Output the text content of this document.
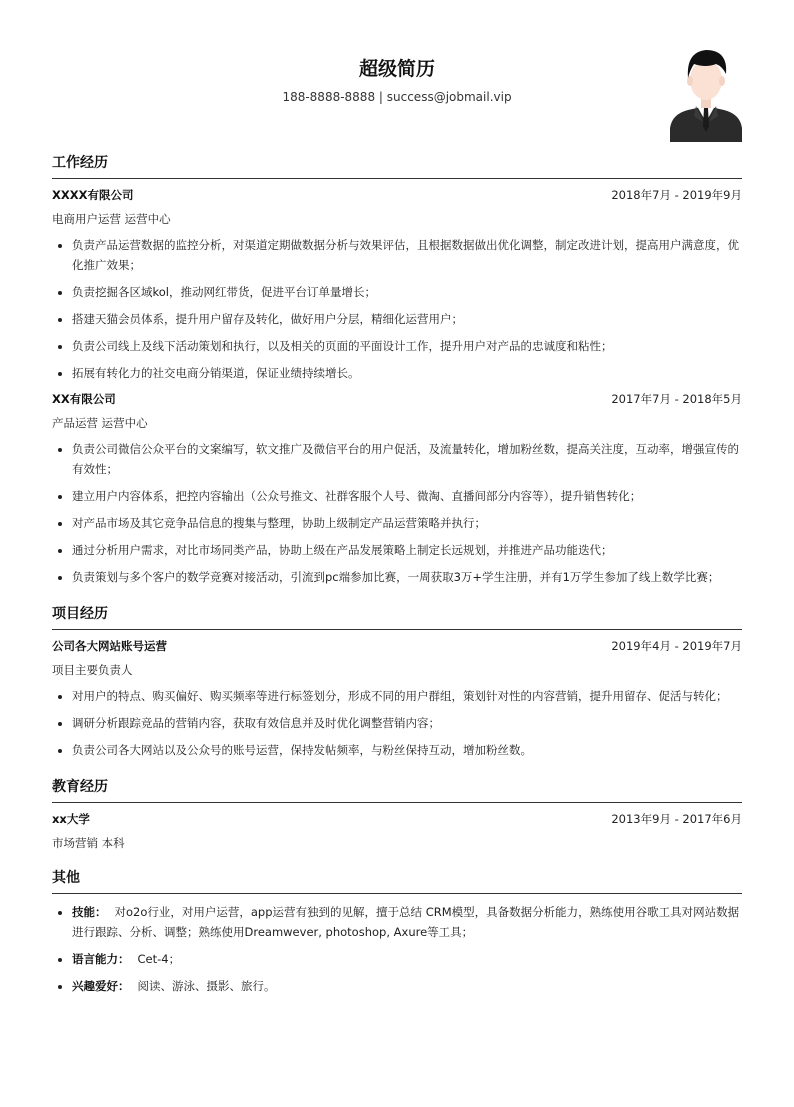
超级简历
188-8888-8888 | success@jobmail.vip
工作经历
XXXX有限公司	2018年7月 - 2019年9月
电商用户运营 运营中心
• 负责产品运营数据的监控分析，对渠道定期做数据分析与效果评估，且根据数据做出优化调整，制定改进计划，提高用户满意度，优化推广效果；
• 负责挖掘各区域kol，推动网红带货，促进平台订单量增长；
• 搭建天猫会员体系，提升用户留存及转化，做好用户分层，精细化运营用户；
• 负责公司线上及线下活动策划和执行，以及相关的页面的平面设计工作，提升用户对产品的忠诚度和粘性；
• 拓展有转化力的社交电商分销渠道，保证业绩持续增长。
XX有限公司	2017年7月 - 2018年5月
产品运营 运营中心
• 负责公司微信公众平台的文案编写，软文推广及微信平台的用户促活，及流量转化，增加粉丝数，提高关注度，互动率，增强宣传的有效性；
• 建立用户内容体系，把控内容输出（公众号推文、社群客服个人号、微淘、直播间部分内容等），提升销售转化；
• 对产品市场及其它竞争品信息的搜集与整理，协助上级制定产品运营策略并执行；
• 通过分析用户需求，对比市场同类产品，协助上级在产品发展策略上制定长远规划，并推进产品功能迭代；
• 负责策划与多个客户的数学竞赛对接活动，引流到pc端参加比赛，一周获取3万+学生注册，并有1万学生参加了线上数学比赛；
项目经历
公司各大网站账号运营	2019年4月 - 2019年7月
项目主要负责人
• 对用户的特点、购买偏好、购买频率等进行标签划分，形成不同的用户群组，策划针对性的内容营销，提升用留存、促活与转化；
• 调研分析跟踪竞品的营销内容，获取有效信息并及时优化调整营销内容；
• 负责公司各大网站以及公众号的账号运营，保持发帖频率，与粉丝保持互动，增加粉丝数。
教育经历
xx大学	2013年9月 - 2017年6月
市场营销 本科
其他
• 技能： 对o2o行业，对用户运营，app运营有独到的见解，擅于总结 CRM模型，具备数据分析能力，熟练使用谷歌工具对网站数据进行跟踪、分析、调整；熟练使用Dreamwever, photoshop, Axure等工具；
• 语言能力： Cet-4；
• 兴趣爱好： 阅读、游泳、摄影、旅行。
